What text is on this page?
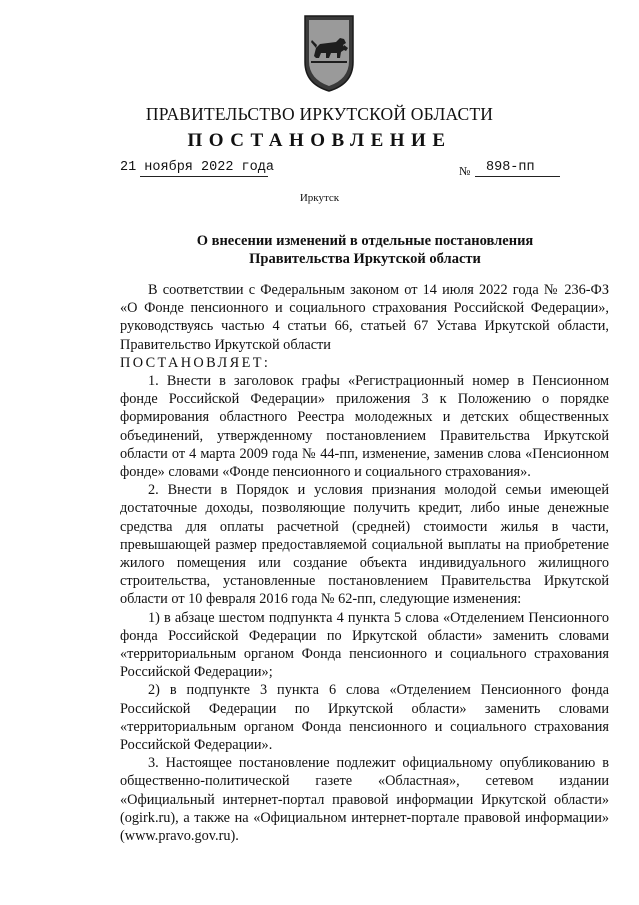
ПРАВИТЕЛЬСТВО ИРКУТСКОЙ ОБЛАСТИ
ПОСТАНОВЛЕНИЕ
21 ноября 2022 года	№ 898-пп
Иркутск
О внесении изменений в отдельные постановления
Правительства Иркутской области

В соответствии с Федеральным законом от 14 июля 2022 года № 236-ФЗ «О Фонде пенсионного и социального страхования Российской Федерации», руководствуясь частью 4 статьи 66, статьей 67 Устава Иркутской области, Правительство Иркутской области

ПОСТАНОВЛЯЕТ:

1. Внести в заголовок графы «Регистрационный номер в Пенсионном фонде Российской Федерации» приложения 3 к Положению о порядке формирования областного Реестра молодежных и детских общественных объединений, утвержденному постановлением Правительства Иркутской области от 4 марта 2009 года № 44-пп, изменение, заменив слова «Пенсионном фонде» словами «Фонде пенсионного и социального страхования».

2. Внести в Порядок и условия признания молодой семьи имеющей достаточные доходы, позволяющие получить кредит, либо иные денежные средства для оплаты расчетной (средней) стоимости жилья в части, превышающей размер предоставляемой социальной выплаты на приобретение жилого помещения или создание объекта индивидуального жилищного строительства, установленные постановлением Правительства Иркутской области от 10 февраля 2016 года № 62-пп, следующие изменения:

1) в абзаце шестом подпункта 4 пункта 5 слова «Отделением Пенсионного фонда Российской Федерации по Иркутской области» заменить словами «территориальным органом Фонда пенсионного и социального страхования Российской Федерации»;

2) в подпункте 3 пункта 6 слова «Отделением Пенсионного фонда Российской Федерации по Иркутской области» заменить словами «территориальным органом Фонда пенсионного и социального страхования Российской Федерации».

3. Настоящее постановление подлежит официальному опубликованию в общественно-политической газете «Областная», сетевом издании «Официальный интернет-портал правовой информации Иркутской области» (ogirk.ru), а также на «Официальном интернет-портале правовой информации» (www.pravo.gov.ru).
